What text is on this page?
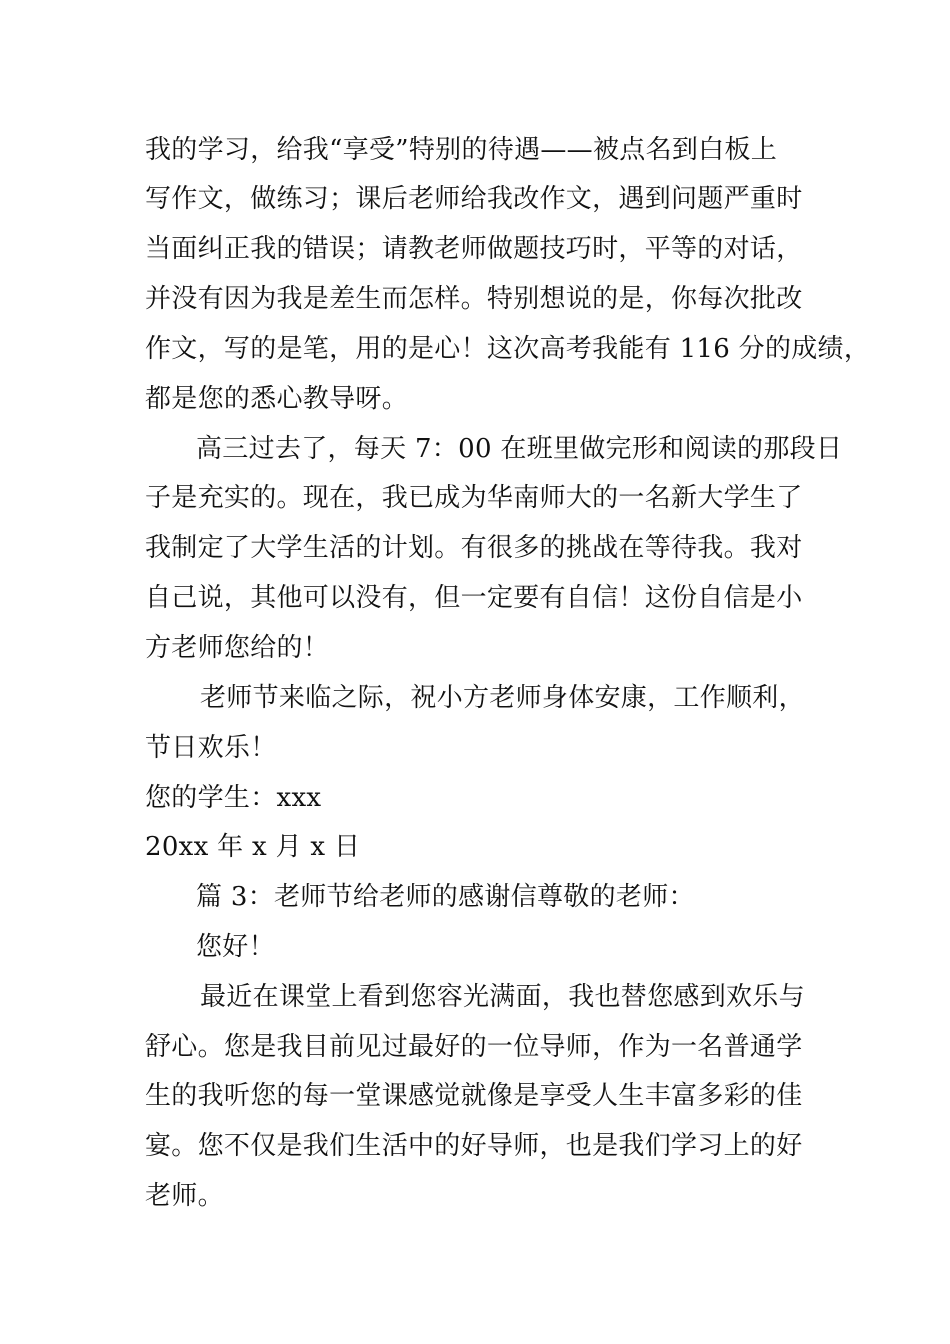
我的学习，给我“享受”特别的待遇——被点名到白板上
写作文，做练习；课后老师给我改作文，遇到问题严重时
当面纠正我的错误；请教老师做题技巧时，平等的对话，
并没有因为我是差生而怎样。特别想说的是，你每次批改
作文，写的是笔，用的是心！这次高考我能有 116 分的成绩，
都是您的悉心教导呀。
高三过去了，每天 7：00 在班里做完形和阅读的那段日
子是充实的。现在，我已成为华南师大的一名新大学生了
我制定了大学生活的计划。有很多的挑战在等待我。我对
自己说，其他可以没有，但一定要有自信！这份自信是小
方老师您给的！
老师节来临之际，祝小方老师身体安康，工作顺利，
节日欢乐！
您的学生：xxx
20xx 年 x 月 x 日
篇 3：老师节给老师的感谢信尊敬的老师：
您好！
最近在课堂上看到您容光满面，我也替您感到欢乐与
舒心。您是我目前见过最好的一位导师，作为一名普通学
生的我听您的每一堂课感觉就像是享受人生丰富多彩的佳
宴。您不仅是我们生活中的好导师，也是我们学习上的好
老师。
